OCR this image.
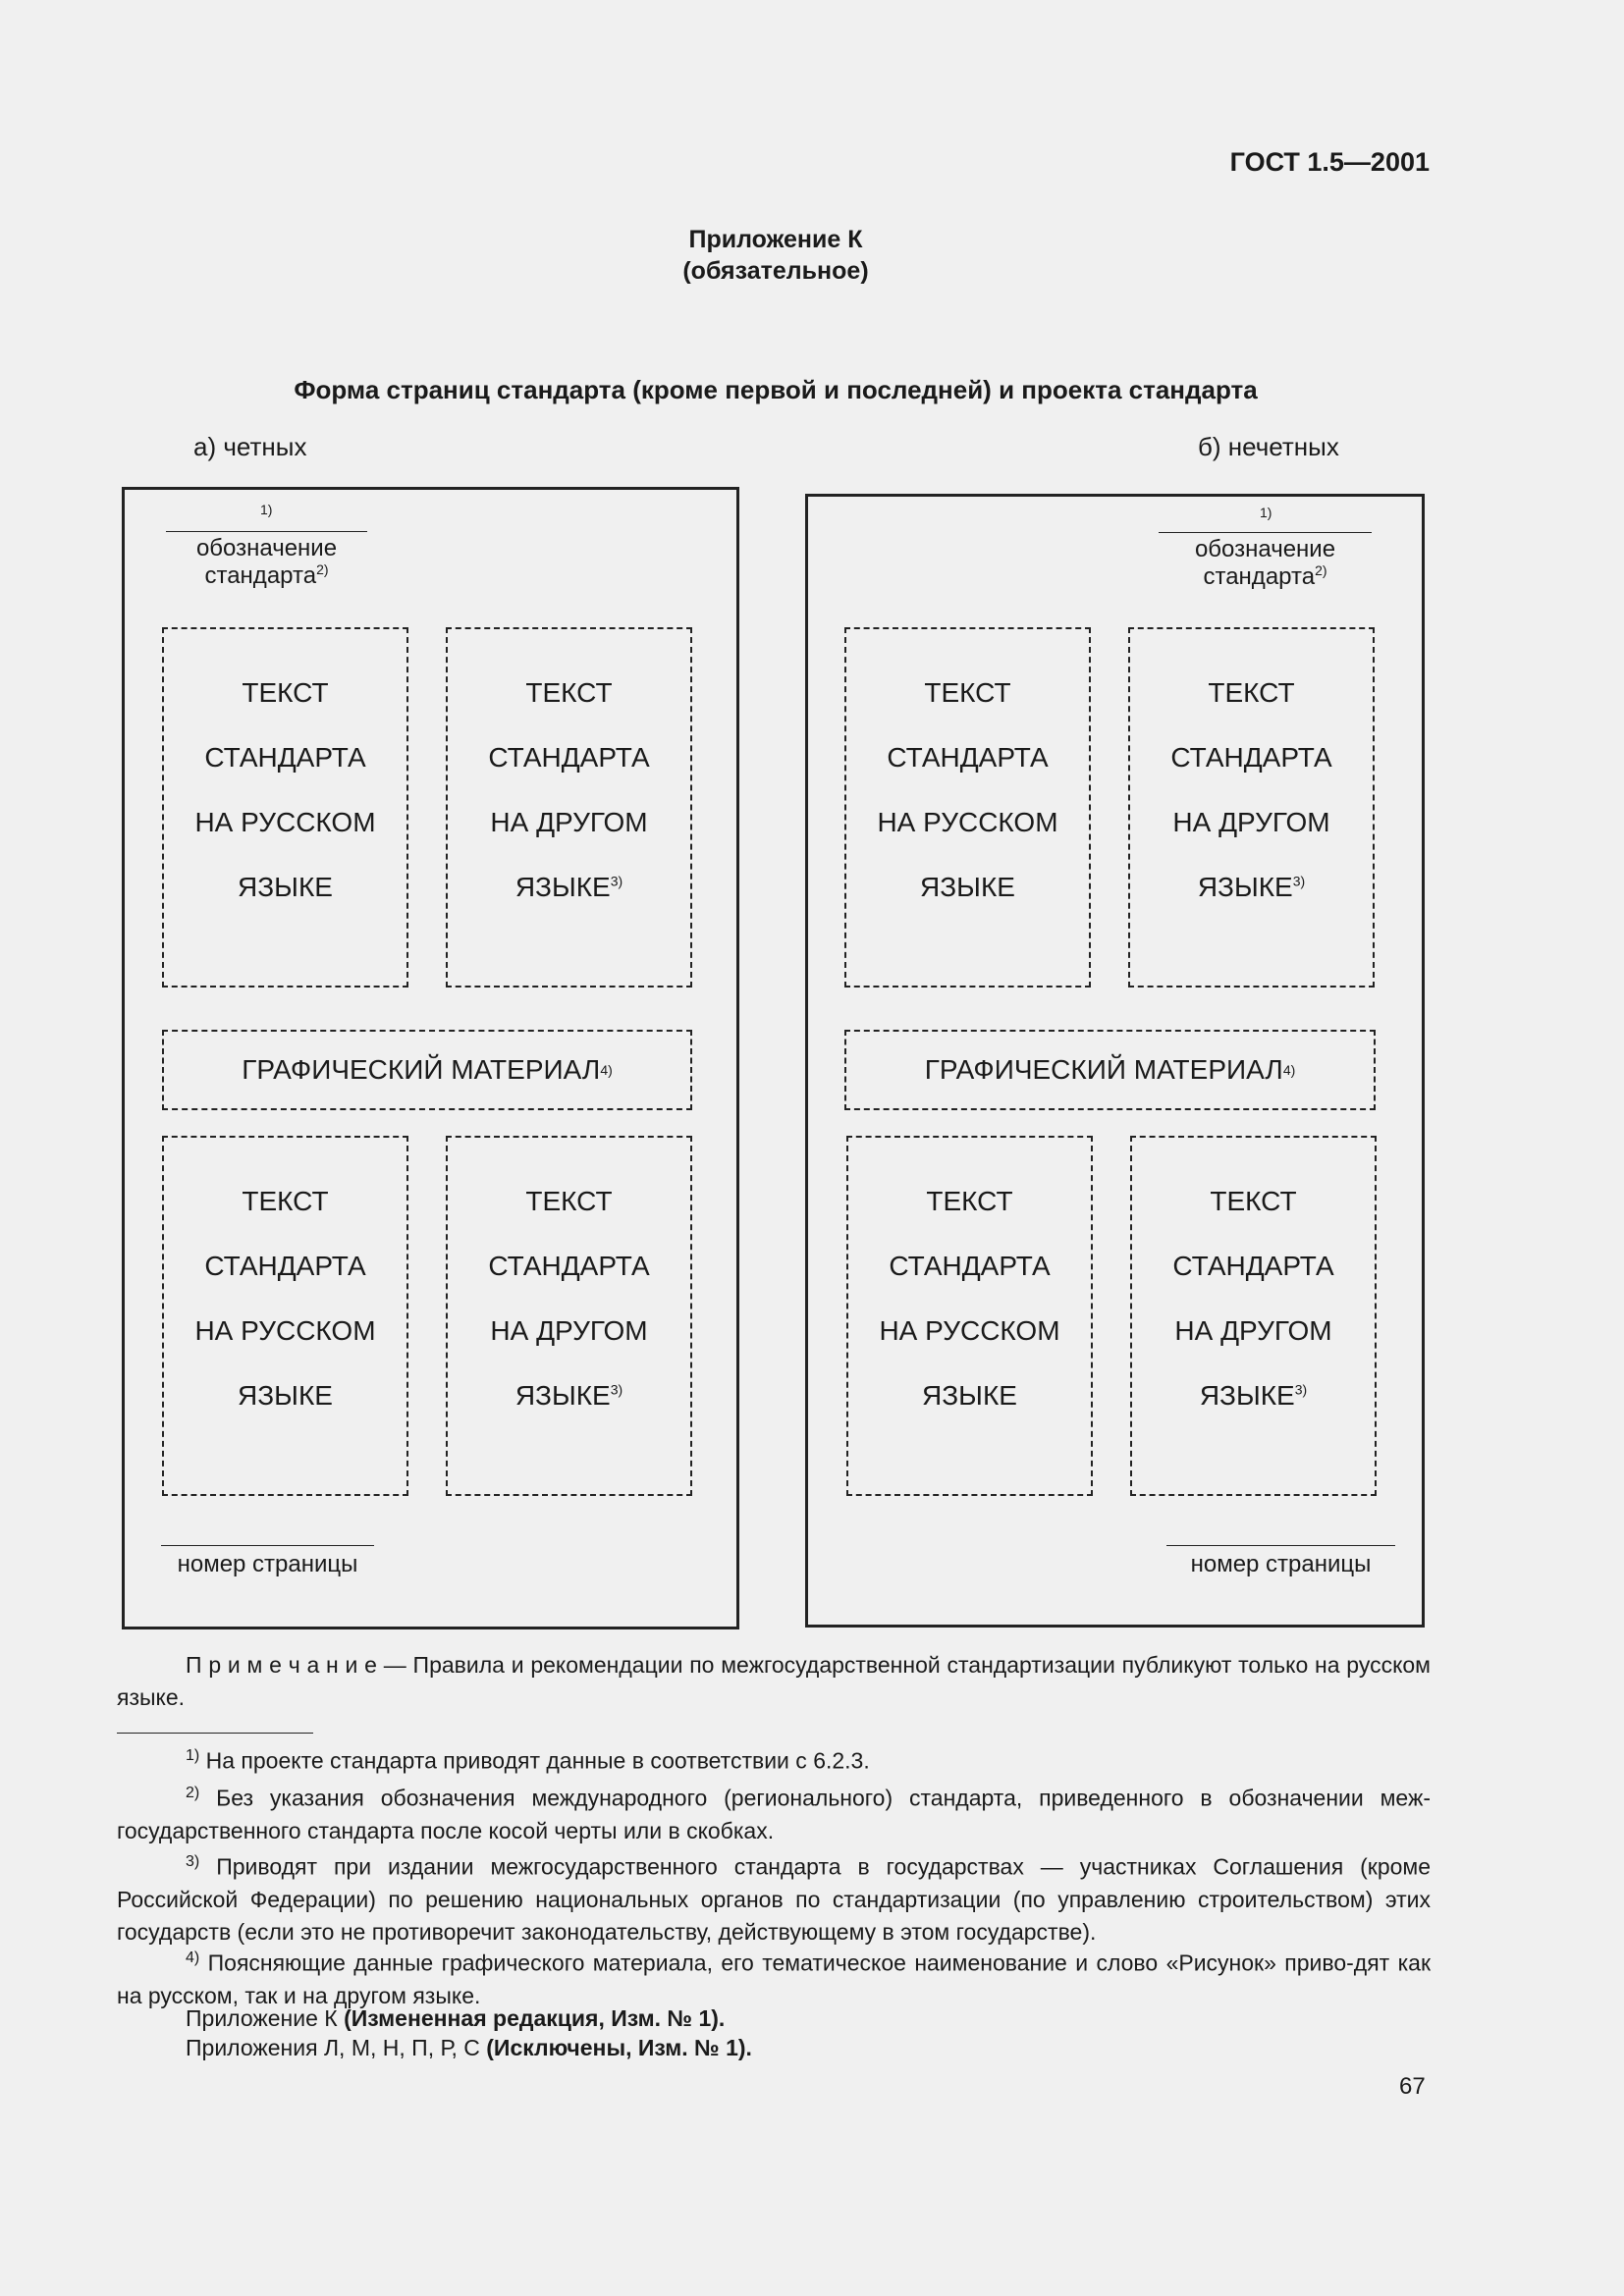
ГОСТ 1.5—2001
Приложение К
(обязательное)
Форма страниц стандарта (кроме первой и последней) и проекта стандарта
а) четных	б) нечетных
1)
обозначение
стандарта$^{2)}$
ТЕКСТ
СТАНДАРТА
НА РУССКОМ
ЯЗЫКЕ
ТЕКСТ
СТАНДАРТА
НА ДРУГОМ
ЯЗЫКЕ$^{3)}$
ГРАФИЧЕСКИЙ МАТЕРИАЛ 4)
ТЕКСТ
СТАНДАРТА
НА РУССКОМ
ЯЗЫКЕ
ТЕКСТ
СТАНДАРТА
НА ДРУГОМ
ЯЗЫКЕ$^{3)}$
номер страницы
1)
обозначение
стандарта$^{2)}$
ТЕКСТ
СТАНДАРТА
НА РУССКОМ
ЯЗЫКЕ
ТЕКСТ
СТАНДАРТА
НА ДРУГОМ
ЯЗЫКЕ$^{3)}$
ГРАФИЧЕСКИЙ МАТЕРИАЛ 4)
ТЕКСТ
СТАНДАРТА
НА РУССКОМ
ЯЗЫКЕ
ТЕКСТ
СТАНДАРТА
НА ДРУГОМ
ЯЗЫКЕ$^{3)}$
номер страницы
П р и м е ч а н и е — Правила и рекомендации по межгосударственной стандартизации публикуют только на русском языке.
$^{1)}$ На проекте стандарта приводят данные в соответствии с 6.2.3.
$^{2)}$ Без указания обозначения международного (регионального) стандарта, приведенного в обозначении меж-государственного стандарта после косой черты или в скобках.
$^{3)}$ Приводят при издании межгосударственного стандарта в государствах — участниках Соглашения (кроме Российской Федерации) по решению национальных органов по стандартизации (по управлению строительством) этих государств (если это не противоречит законодательству, действующему в этом государстве).
$^{4)}$ Поясняющие данные графического материала, его тематическое наименование и слово «Рисунок» приво-дят как на русском, так и на другом языке.
Приложение К (Измененная редакция, Изм. № 1).
Приложения Л, М, Н, П, Р, С (Исключены, Изм. № 1).
67
